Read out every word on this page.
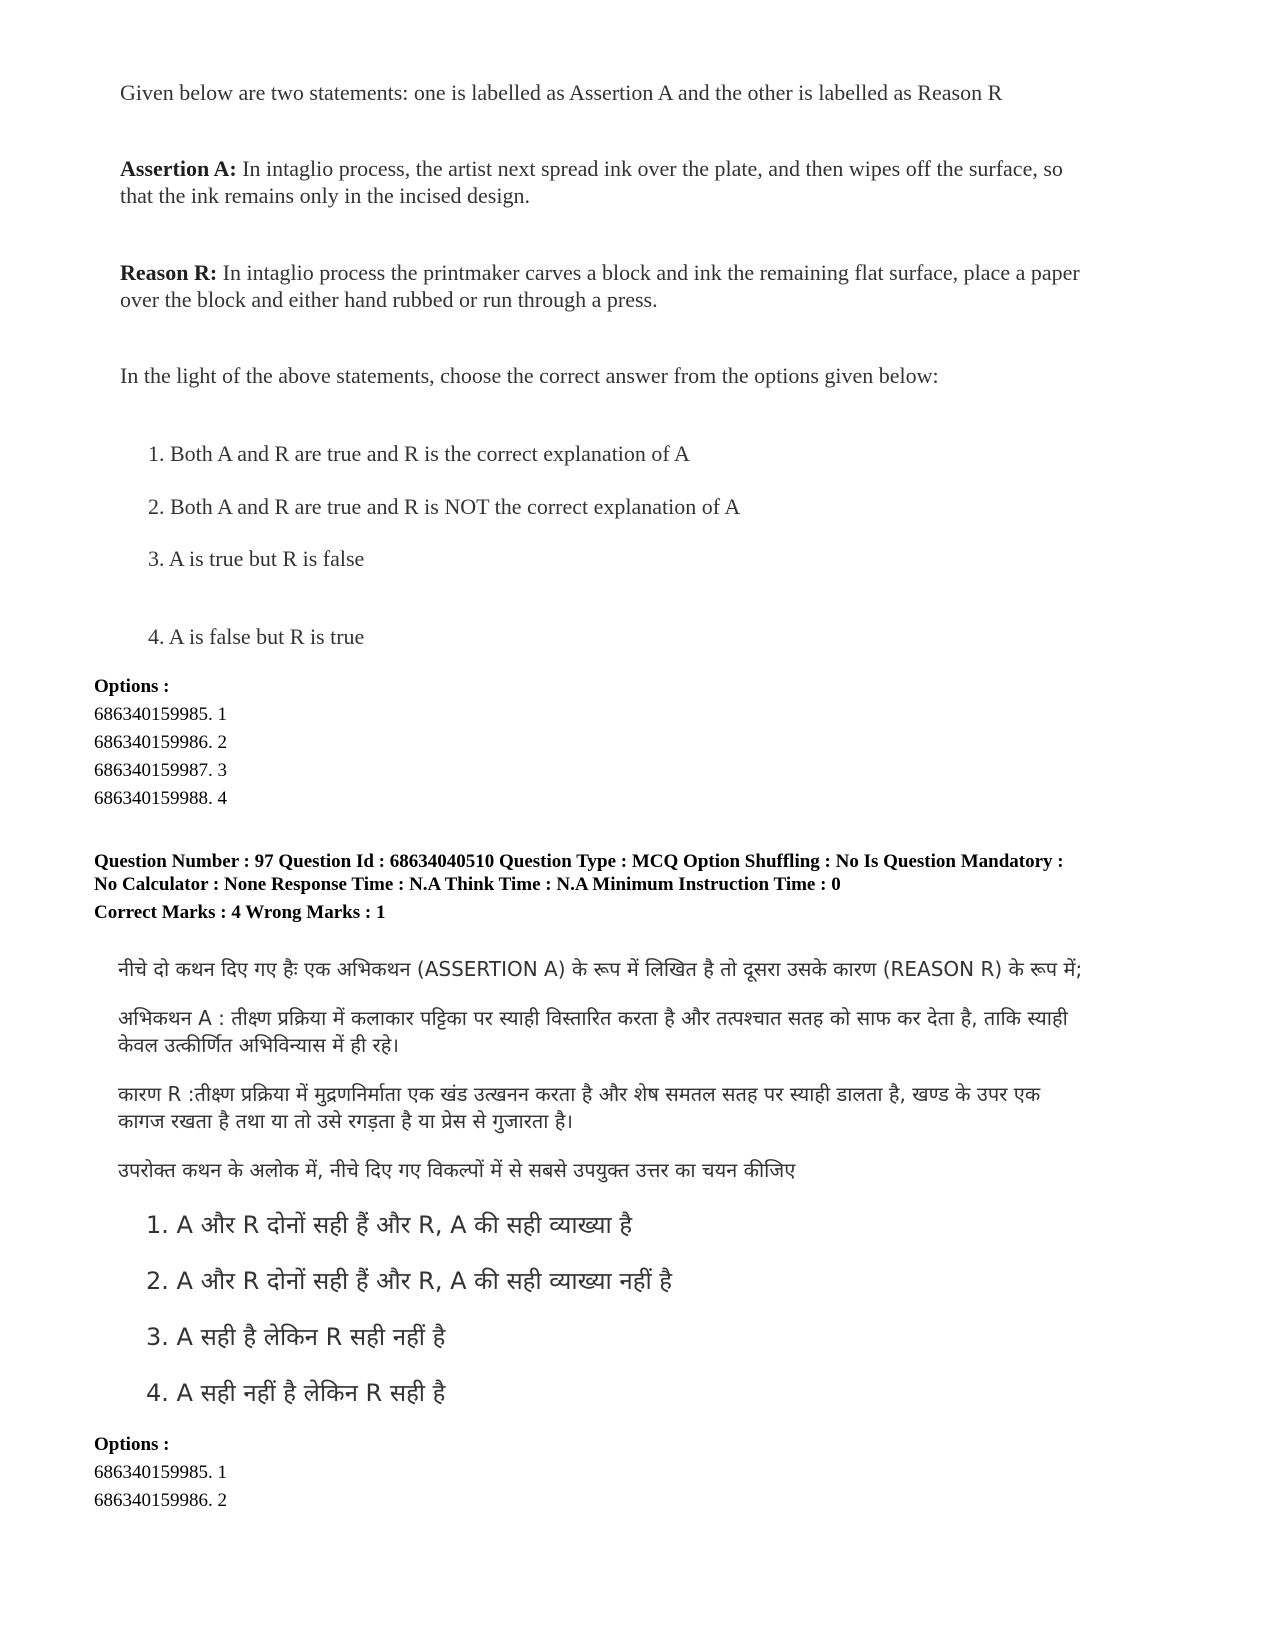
Given below are two statements: one is labelled as Assertion A and the other is labelled as Reason R
Assertion A: In intaglio process, the artist next spread ink over the plate, and then wipes off the surface, so
that the ink remains only in the incised design.
Reason R: In intaglio process the printmaker carves a block and ink the remaining flat surface, place a paper
over the block and either hand rubbed or run through a press.
In the light of the above statements, choose the correct answer from the options given below:
1. Both A and R are true and R is the correct explanation of A
2. Both A and R are true and R is NOT the correct explanation of A
3. A is true but R is false
4. A is false but R is true
Options :
686340159985. 1
686340159986. 2
686340159987. 3
686340159988. 4
Question Number : 97 Question Id : 68634040510 Question Type : MCQ Option Shuffling : No Is Question Mandatory :
No Calculator : None Response Time : N.A Think Time : N.A Minimum Instruction Time : 0
Correct Marks : 4 Wrong Marks : 1
नीचे दो कथन दिए गए हैः एक अभिकथन (ASSERTION A) के रूप में लिखित है तो दूसरा उसके कारण (REASON R) के रूप में;
अभिकथन A : तीक्ष्ण प्रक्रिया में कलाकार पट्टिका पर स्याही विस्तारित करता है और तत्पश्चात सतह को साफ कर देता है, ताकि स्याही
केवल उत्कीर्णित अभिविन्यास में ही रहे।
कारण R :तीक्ष्ण प्रक्रिया में मुद्रणनिर्माता एक खंड उत्खनन करता है और शेष समतल सतह पर स्याही डालता है, खण्ड के उपर एक
कागज रखता है तथा या तो उसे रगड़ता है या प्रेस से गुजारता है।
उपरोक्त कथन के अलोक में, नीचे दिए गए विकल्पों में से सबसे उपयुक्त उत्तर का चयन कीजिए
1. A और R दोनों सही हैं और R, A की सही व्याख्या है
2. A और R दोनों सही हैं और R, A की सही व्याख्या नहीं है
3. A सही है लेकिन R सही नहीं है
4. A सही नहीं है लेकिन R सही है
Options :
686340159985. 1
686340159986. 2
